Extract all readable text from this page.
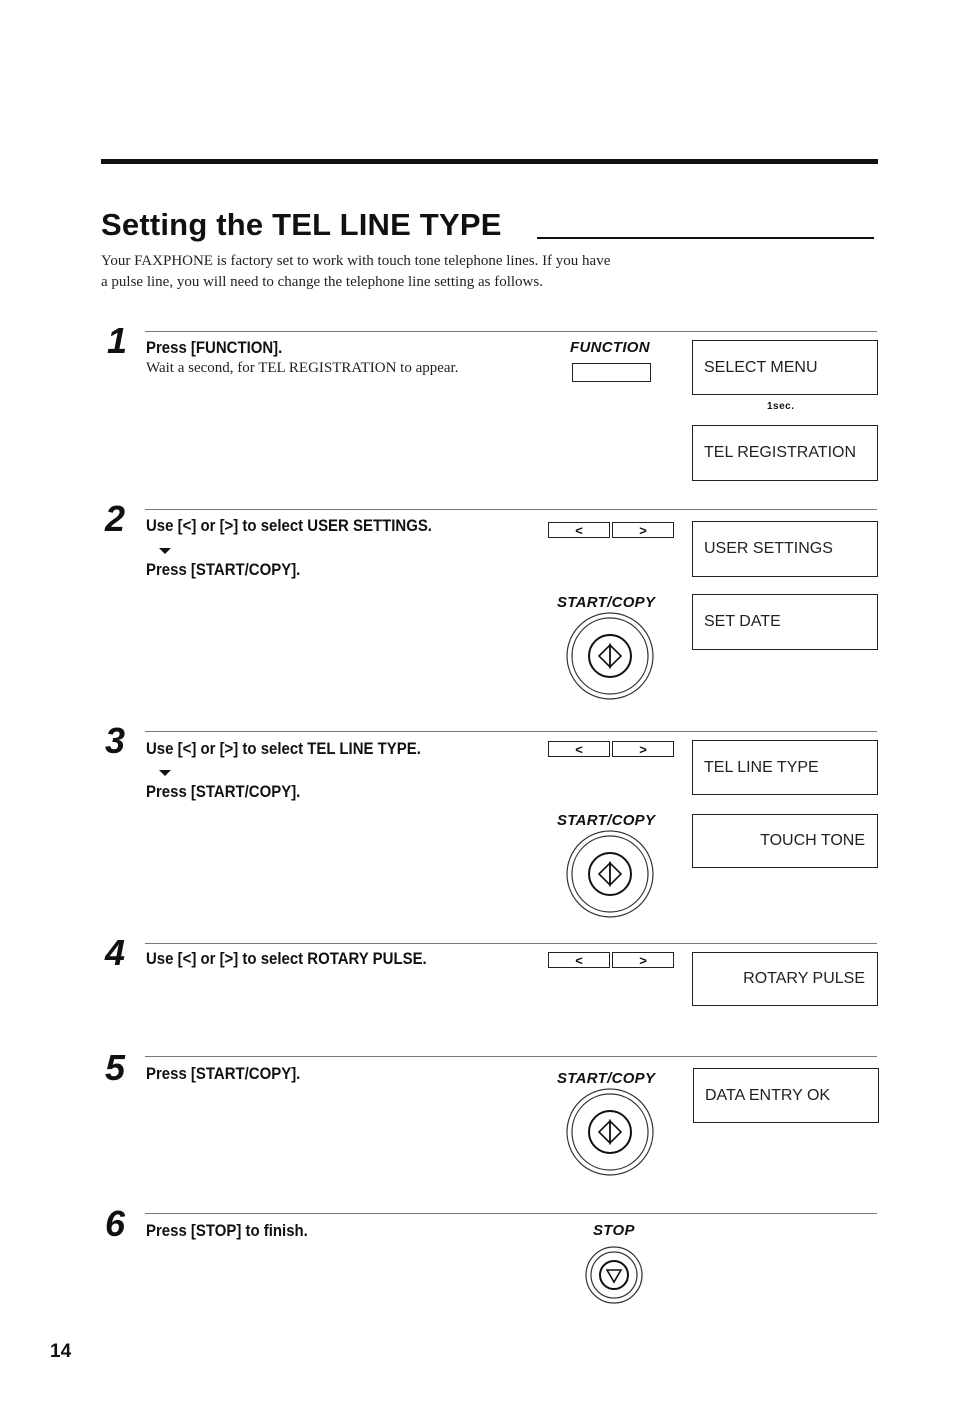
Setting the TEL LINE TYPE
Your FAXPHONE is factory set to work with touch tone telephone lines. If you have
a pulse line, you will need to change the telephone line setting as follows.
1 Press [FUNCTION].
Wait a second, for TEL REGISTRATION to appear.
FUNCTION
SELECT MENU
1sec.
TEL REGISTRATION
2 Use [<] or [>] to select USER SETTINGS.
Press [START/COPY].
<	>
USER SETTINGS
START/COPY
SET DATE
3 Use [<] or [>] to select TEL LINE TYPE.
Press [START/COPY].
<	>
TEL LINE TYPE
START/COPY
TOUCH TONE
4 Use [<] or [>] to select ROTARY PULSE.	<	>
ROTARY PULSE
5 Press [START/COPY].	START/COPY
DATA ENTRY OK
6 Press [STOP] to finish.	STOP
14
